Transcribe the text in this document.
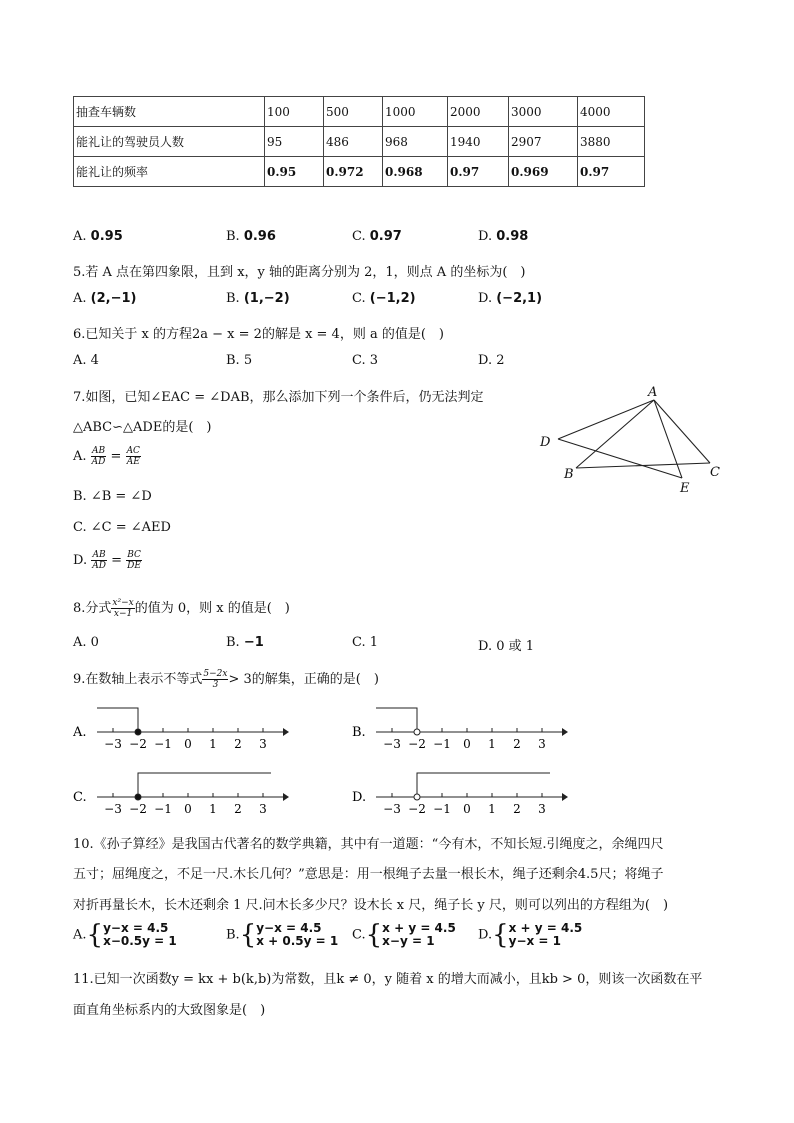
抽查车辆数	100	500	1000	2000	3000	4000
能礼让的驾驶员人数	95	486	968	1940	2907	3880
能礼让的频率	0.95	0.972	0.968	0.97	0.969	0.97
A. 0.95	B. 0.96	C. 0.97	D. 0.98
5.若 A 点在第四象限，且到 x，y 轴的距离分别为 2，1，则点 A 的坐标为(　)
A. (2,−1)	B. (1,−2)	C. (−1,2)	D. (−2,1)
6.已知关于 x 的方程2a − x = 2的解是 x = 4，则 a 的值是(　)
A. 4	B. 5	C. 3	D. 2
7.如图，已知∠EAC = ∠DAB，那么添加下列一个条件后，仍无法判定
△ABC∽△ADE的是(　)
A. $\frac{AB}{AD} = \frac{AC}{AE}$
B. ∠B = ∠D
C. ∠C = ∠AED
D. $\frac{AB}{AD} = \frac{BC}{DE}$
A
D
B	C
E
8.分式 $\frac{\text{x²−x}}{x-1}$ 的值为 0，则 x 的值是(　)
A. 0	B. −1	C. 1	D. 0 或 1
9.在数轴上表示不等式 $\frac{5-2x}{3} > 3$的解集，正确的是(　)
A.
−3 −2 −1 0 1 2 3
B.
−3 −2 −1 0 1 2 3
C.
−3 −2 −1 0 1 2 3
D.
−3 −2 −1 0 1 2 3
10.《孙子算经》是我国古代著名的数学典籍，其中有一道题：“今有木，不知长短.引绳度之，余绳四尺
五寸；屈绳度之，不足一尺.木长几何？”意思是：用一根绳子去量一根长木，绳子还剩余4.5尺；将绳子
对折再量长木，长木还剩余 1 尺.问木长多少尺？设木长 x 尺，绳子长 y 尺，则可以列出的方程组为(　)
A.{y−x = 4.5
x−0.5y = 1	B.{y−x = 4.5
x + 0.5y = 1 C.{x + y = 4.5
x−y = 1	D.{x + y = 4.5
y−x = 1
11.已知一次函数y = kx + b(k,b)为常数，且k ≠ 0，y 随着 x 的增大而减小，且kb > 0，则该一次函数在平
面直角坐标系内的大致图象是(　)
